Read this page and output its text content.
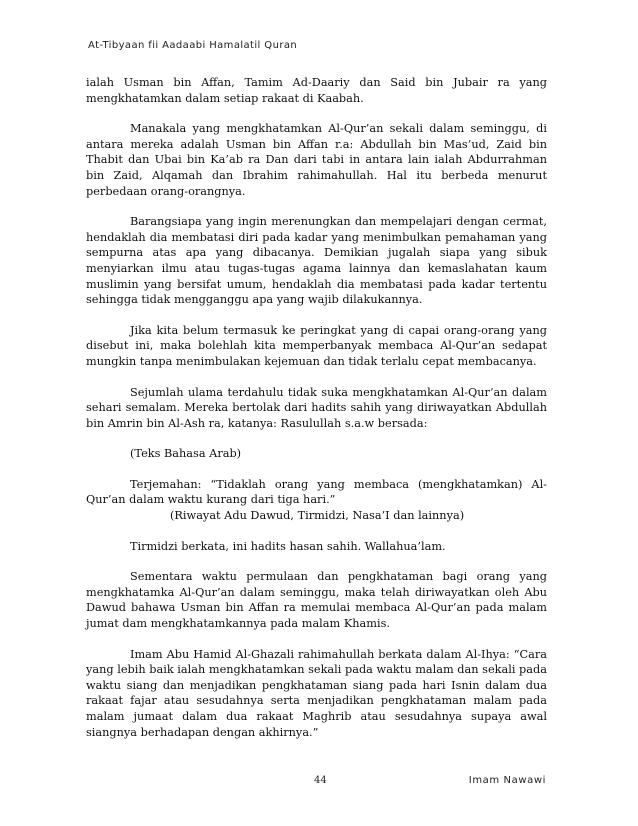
At-Tibyaan fii Aadaabi Hamalatil Quran

ialah Usman bin Affan, Tamim Ad-Daariy dan Said bin Jubair ra yang mengkhatamkan dalam setiap rakaat di Kaabah.

Manakala yang mengkhatamkan Al-Qur’an sekali dalam seminggu, di antara mereka adalah Usman bin Affan r.a: Abdullah bin Mas’ud, Zaid bin Thabit dan Ubai bin Ka’ab ra Dan dari tabi in antara lain ialah Abdurrahman bin Zaid, Alqamah dan Ibrahim rahimahullah. Hal itu berbeda menurut perbedaan orang-orangnya.

Barangsiapa yang ingin merenungkan dan mempelajari dengan cermat, hendaklah dia membatasi diri pada kadar yang menimbulkan pemahaman yang sempurna atas apa yang dibacanya. Demikian jugalah siapa yang sibuk menyiarkan ilmu atau tugas-tugas agama lainnya dan kemaslahatan kaum muslimin yang bersifat umum, hendaklah dia membatasi pada kadar tertentu sehingga tidak mengganggu apa yang wajib dilakukannya.

Jika kita belum termasuk ke peringkat yang di capai orang-orang yang disebut ini, maka bolehlah kita memperbanyak membaca Al-Qur’an sedapat mungkin tanpa menimbulakan kejemuan dan tidak terlalu cepat membacanya.

Sejumlah ulama terdahulu tidak suka mengkhatamkan Al-Qur’an dalam sehari semalam. Mereka bertolak dari hadits sahih yang diriwayatkan Abdullah bin Amrin bin Al-Ash ra, katanya: Rasulullah s.a.w bersada:

(Teks Bahasa Arab)

Terjemahan: “Tidaklah orang yang membaca (mengkhatamkan) Al-Qur’an dalam waktu kurang dari tiga hari.”

(Riwayat Adu Dawud, Tirmidzi, Nasa’I dan lainnya)

Tirmidzi berkata, ini hadits hasan sahih. Wallahua’lam.

Sementara waktu permulaan dan pengkhataman bagi orang yang mengkhatamka Al-Qur’an dalam seminggu, maka telah diriwayatkan oleh Abu Dawud bahawa Usman bin Affan ra memulai membaca Al-Qur’an pada malam jumat dam mengkhatamkannya pada malam Khamis.

Imam Abu Hamid Al-Ghazali rahimahullah berkata dalam Al-Ihya: “Cara yang lebih baik ialah mengkhatamkan sekali pada waktu malam dan sekali pada waktu siang dan menjadikan pengkhataman siang pada hari Isnin dalam dua rakaat fajar atau sesudahnya serta menjadikan pengkhataman malam pada malam jumaat dalam dua rakaat Maghrib atau sesudahnya supaya awal siangnya berhadapan dengan akhirnya.”

44	Imam Nawawi
